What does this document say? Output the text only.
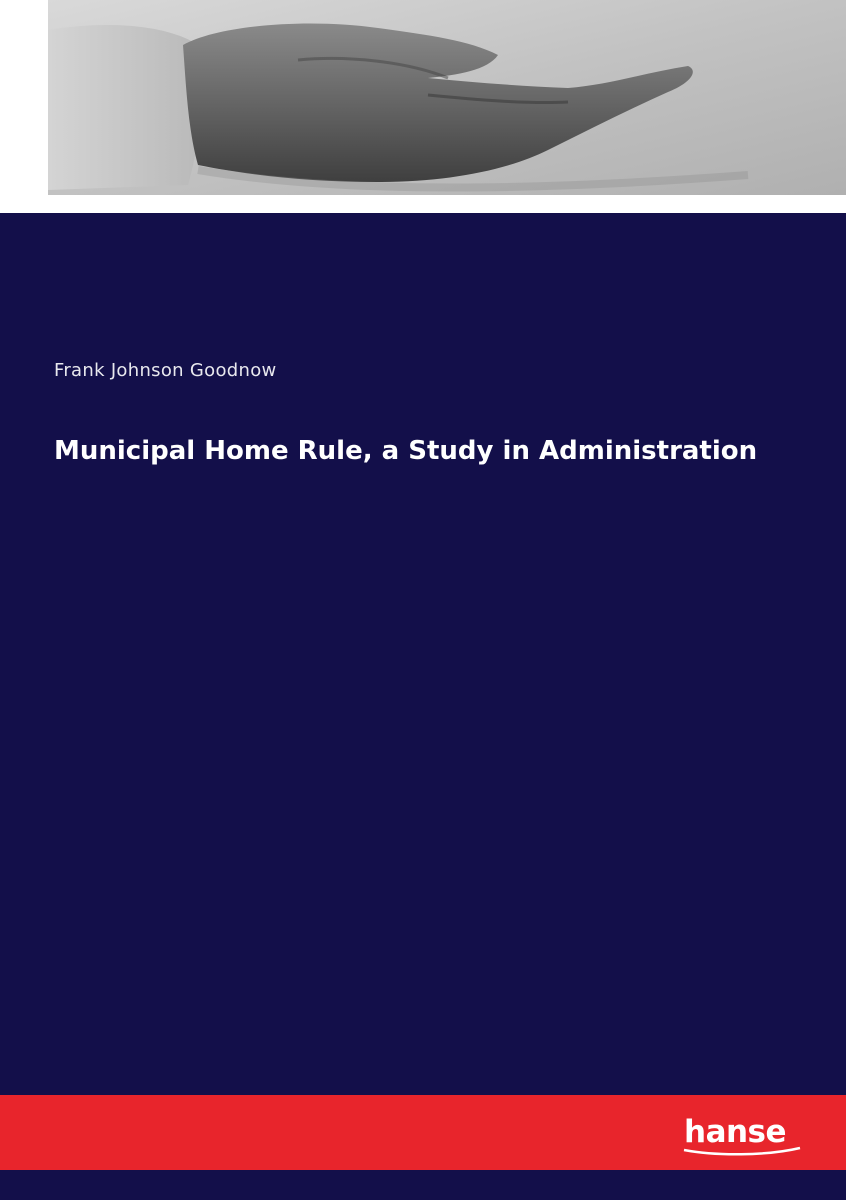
Frank Johnson Goodnow
Municipal Home Rule, a Study in Administration
hanse
